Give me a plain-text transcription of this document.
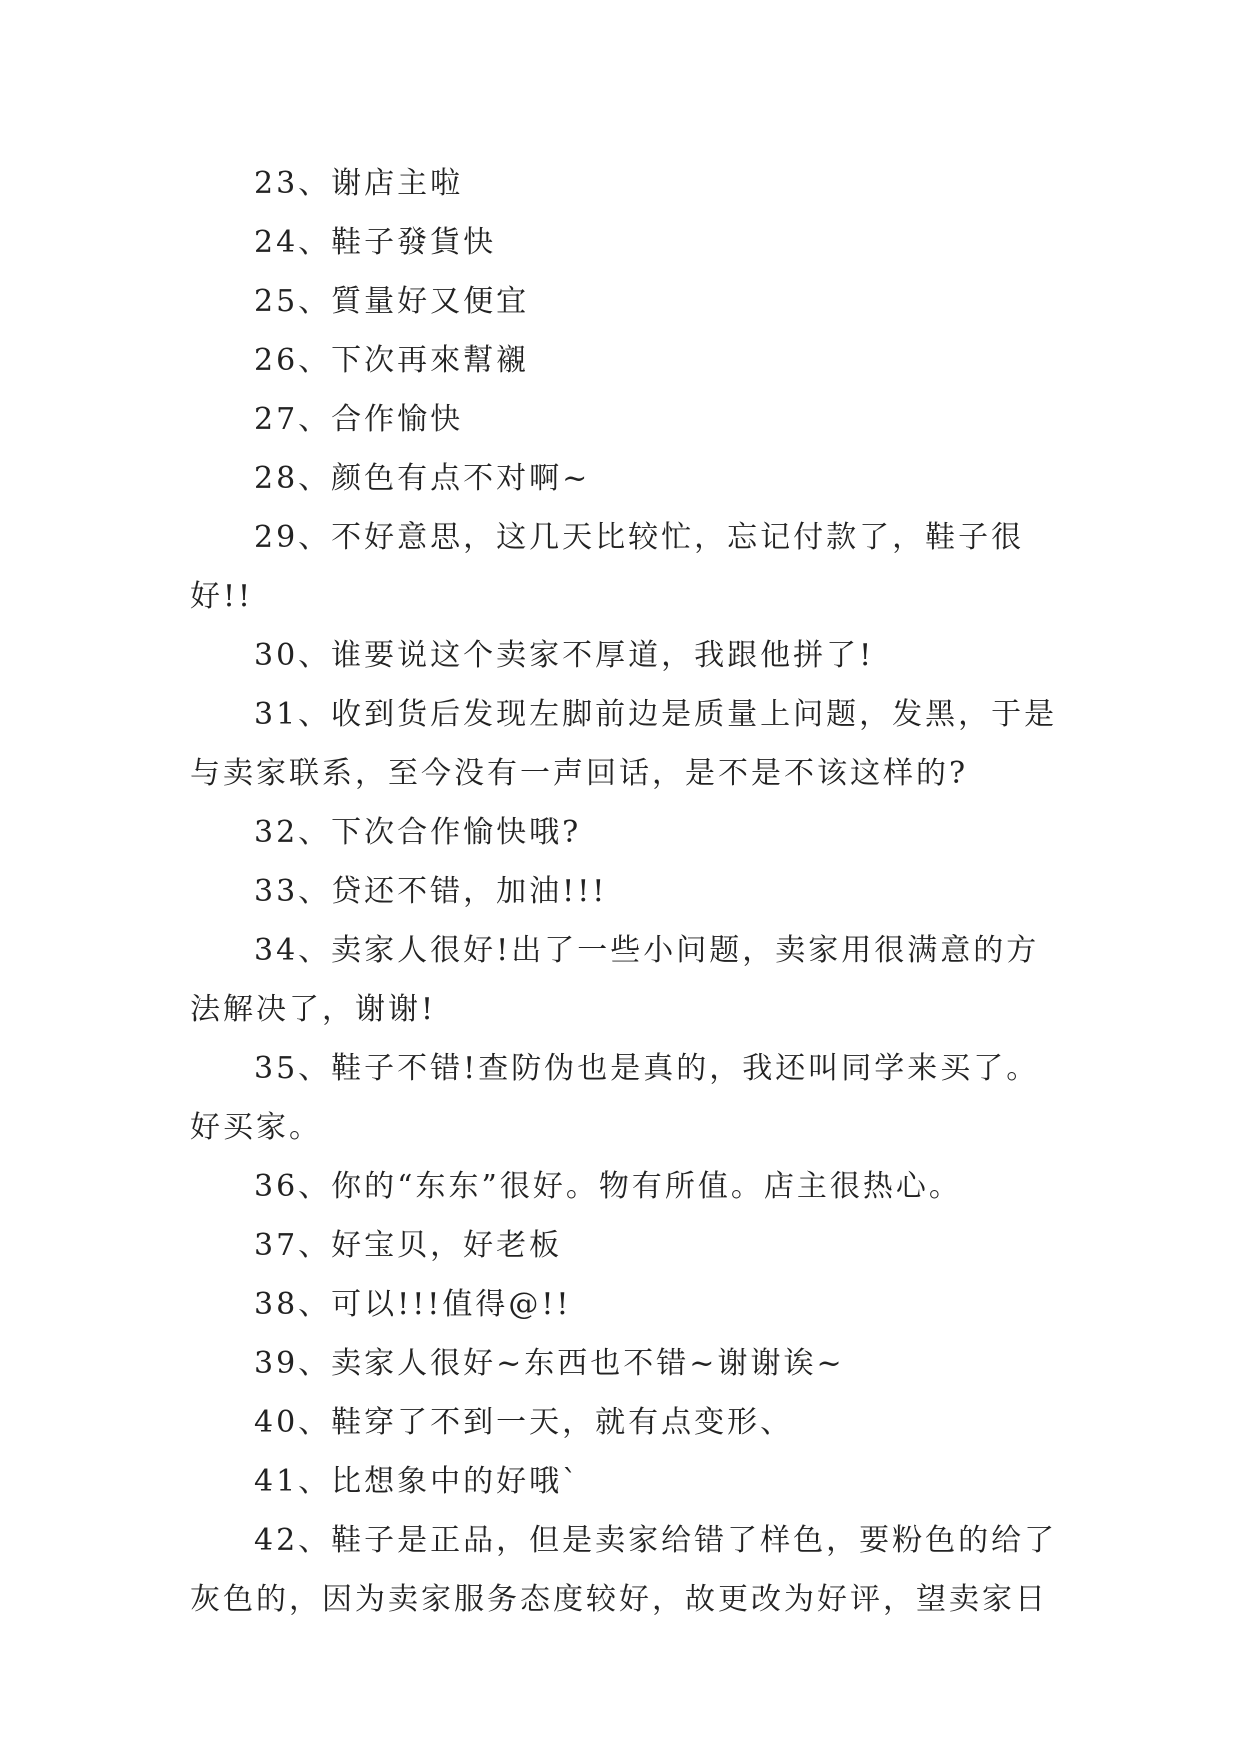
23、谢店主啦

24、鞋子發貨快

25、質量好又便宜

26、下次再來幫襯

27、合作愉快

28、颜色有点不对啊~

29、不好意思，这几天比较忙，忘记付款了，鞋子很好!!

30、谁要说这个卖家不厚道，我跟他拼了!

31、收到货后发现左脚前边是质量上问题，发黑，于是与卖家联系，至今没有一声回话，是不是不该这样的?

32、下次合作愉快哦?

33、贷还不错，加油!!!

34、卖家人很好!出了一些小问题，卖家用很满意的方法解决了，谢谢!

35、鞋子不错!查防伪也是真的，我还叫同学来买了。好买家。

36、你的“东东”很好。物有所值。店主很热心。

37、好宝贝，好老板

38、可以!!!值得@!!

39、卖家人很好~东西也不错~谢谢诶~

40、鞋穿了不到一天，就有点变形、

41、比想象中的好哦`

42、鞋子是正品，但是卖家给错了样色，要粉色的给了灰色的，因为卖家服务态度较好，故更改为好评，望卖家日
